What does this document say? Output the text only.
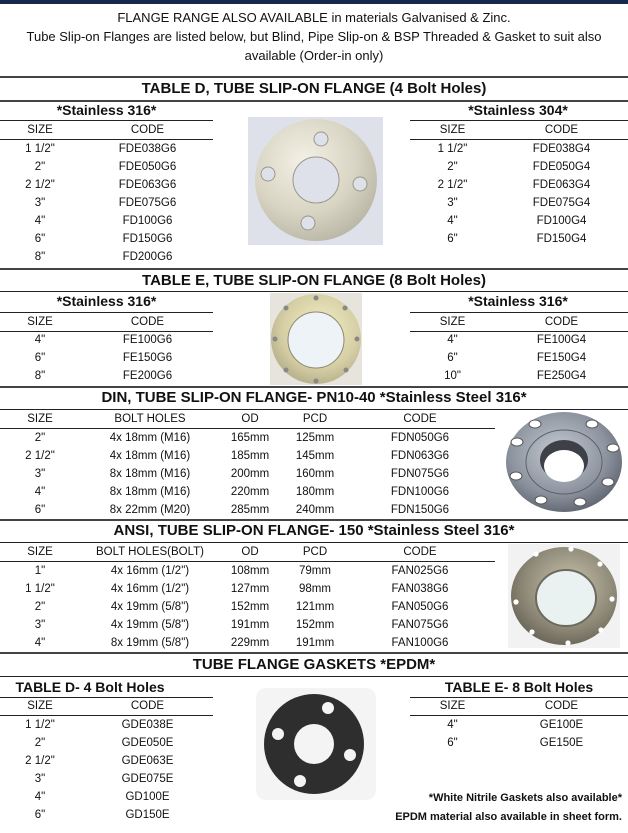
FLANGE RANGE ALSO AVAILABLE in materials Galvanised & Zinc.
Tube Slip-on Flanges are listed below, but Blind, Pipe Slip-on & BSP Threaded & Gasket to suit also
available (Order-in only)
TABLE D, TUBE SLIP-ON FLANGE (4 Bolt Holes)
*Stainless 316*
SIZE	CODE
1 1/2"	FDE038G6
2"	FDE050G6
2 1/2"	FDE063G6
3"	FDE075G6
4"	FD100G6
6"	FD150G6
8"	FD200G6
*Stainless 304*
SIZE	CODE
1 1/2"	FDE038G4
2"	FDE050G4
2 1/2"	FDE063G4
3"	FDE075G4
4"	FD100G4
6"	FD150G4
TABLE E, TUBE SLIP-ON FLANGE (8 Bolt Holes)
*Stainless 316*
SIZE	CODE
4"	FE100G6
6"	FE150G6
8"	FE200G6
*Stainless 316*
SIZE	CODE
4"	FE100G4
6"	FE150G4
10"	FE250G4
DIN, TUBE SLIP-ON FLANGE- PN10-40 *Stainless Steel 316*
SIZE	BOLT HOLES	OD	PCD	CODE
2"	4x 18mm (M16)	165mm	125mm	FDN050G6
2 1/2"	4x 18mm (M16)	185mm	145mm	FDN063G6
3"	8x 18mm (M16)	200mm	160mm	FDN075G6
4"	8x 18mm (M16)	220mm	180mm	FDN100G6
6"	8x 22mm (M20)	285mm	240mm	FDN150G6
ANSI, TUBE SLIP-ON FLANGE- 150 *Stainless Steel 316*
SIZE	BOLT HOLES(BOLT)	OD	PCD	CODE
1"	4x 16mm (1/2")	108mm	79mm	FAN025G6
1 1/2"	4x 16mm (1/2")	127mm	98mm	FAN038G6
2"	4x 19mm (5/8")	152mm	121mm	FAN050G6
3"	4x 19mm (5/8")	191mm	152mm	FAN075G6
4"	8x 19mm (5/8")	229mm	191mm	FAN100G6
TUBE FLANGE GASKETS *EPDM*
TABLE D- 4 Bolt Holes
SIZE	CODE
1 1/2"	GDE038E
2"	GDE050E
2 1/2"	GDE063E
3"	GDE075E
4"	GD100E
6"	GD150E
TABLE E- 8 Bolt Holes
SIZE	CODE
4"	GE100E
6"	GE150E
*White Nitrile Gaskets also available*
EPDM material also available in sheet form.
